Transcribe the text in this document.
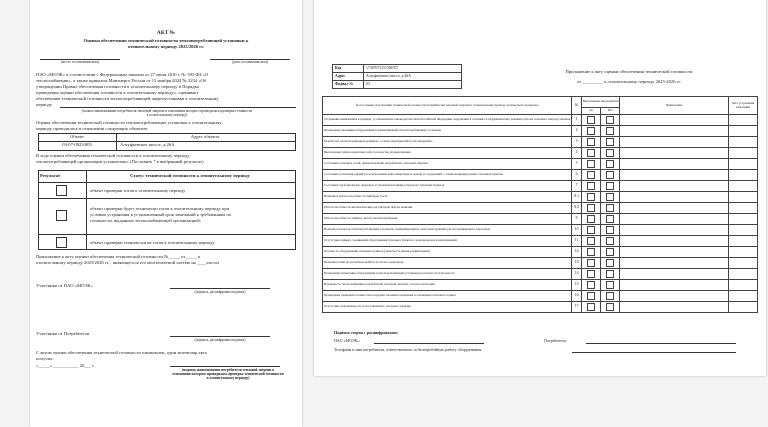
АКТ №
Оценки обеспечения технической готовности теплопотребляющей установки к
отопительному периоду 2025/2026 гг.
(место составления акта)	(дата составления акта)
ПАО «МОЭК» в соответствии с Федеральным законом от 27 июля 2010 г. № 190-ФЗ «О
теплоснабжении», а также приказом Минэнерго России от 13 ноября 2024 № 2234 «Об
утверждении Правил обеспечения готовности к отопительному периоду и Порядка
проведения оценки обеспечения готовности к отопительному периоду», оценивает
обеспечение технической готовности теплопотребляющей энергоустановки к отопительному
периоду
(полное наименование потребителя тепловой энергии в отношении которого проводилась проверка готовности
к отопительному периоду)
Оценка обеспечения технической готовности теплопотребляющих установок к отопительному
периоду проводилась в отношении следующих объектов:
Объект	Адрес объекта
03-07-0923/005	Алтуфьевское шоссе, д.26А
В ходе оценки обеспечения технической готовности к отопительному периоду
теплопотребляющей организации установлено: (Поставить * в выбранный результат)
Результат	Статус технической готовности к отопительному периоду
объект проверки готов к отопительному периоду
объект проверки будет технически готов к отопительному периоду при
условии устранения в установленный срок замечаний к требованиям по
готовности, выданных теплоснабжающей организацией;
объект проверки технически не готов к отопительному периоду
Приложение к акту оценки обеспечения технической готовности №_____ от_____ к
отопительному периоду 2025/2026 гг. , являющегося его неотъемлемой частью на ____листах
Участники от ПАО «МОЭК»
(подпись, расшифровка подписи)
Участники от Потребителя
(подпись, расшифровка подписи)
С актом оценки обеспечения технической готовности ознакомлен, один экземпляр акта
получил:
«_____» ___________ 20___ г.
(подпись наименование потребителя тепловой энергии в
отношении которого проводилась проверка технической готовности
к отопительному периоду)
Код	17367073151506707
Адрес	Алтуфьевское шоссе, д.26А
Фидвал №	03
Приложение к акту оценки обеспечения технической готовности
от _________ к отопительному периоду 2025-2026 гг.
№ п/п оценка обеспечения технической готовности потребителей тепловой энергии к отопительному периоду должна быть проверено	№	Выполнение мероприятия		Примечание	Дата устранения замечаний
		Да	Нет		
Устранение выявленных в порядке, установленном законодательством Российской Федерации, нарушений в тепловых и гидравлических режимах работы тепловых энергоустановок	1				
Проведение промывки оборудования и коммуникаций теплопотребляющих установок	2				
Разработка эксплуатационных режимов, а также мероприятий по их внедрению	3				
Выполнение плана ремонтных работ и качество их выполнения	4				
Состояние тепловых сетей, принадлежащих потребителю тепловой энергии	5				
Состояние утепления зданий (за исключением многоквартирных домов) и сооружений, а также индивидуальных тепловых пунктов	6				
Состояние трубопроводов, арматуры и тепловой изоляции в пределах тепловых пунктов	7				
Наличие и работоспособность приборов учета	8.1				
Работоспособность автоматических регуляторов при их наличии	8.2				
Работоспособность защиты систем теплопотребления	9				
Наличие паспортов теплопотребляющих установок, принципиальных схем и инструкций для обслуживающего персонала	10				
Отсутствие прямых соединений оборудования тепловых пунктов с водопроводом и канализацией	11				
Плотность оборудования тепловых пунктов (указать Р и время в примечании)	12				
Наличие пломб на расчетных шайбах и соплах элеваторов	13				
Проведение испытания оборудования теплопотребляющих установок на плотность и прочность	14				
Надежность теплоснабжения потребителей тепловой энергии согласно категории	15				
Проведение проверки готовности на предмет наличия оснащения и оснащения теплового пункта	16				
Отсутствие задолженности за поставленную тепловую энергию	17				
Подписи сторон с расшифровками:
ПАО «МОЭК»:	Потребитель:
Телефоны и имя потребителя, ответственного за бесперебойную работу оборудования
